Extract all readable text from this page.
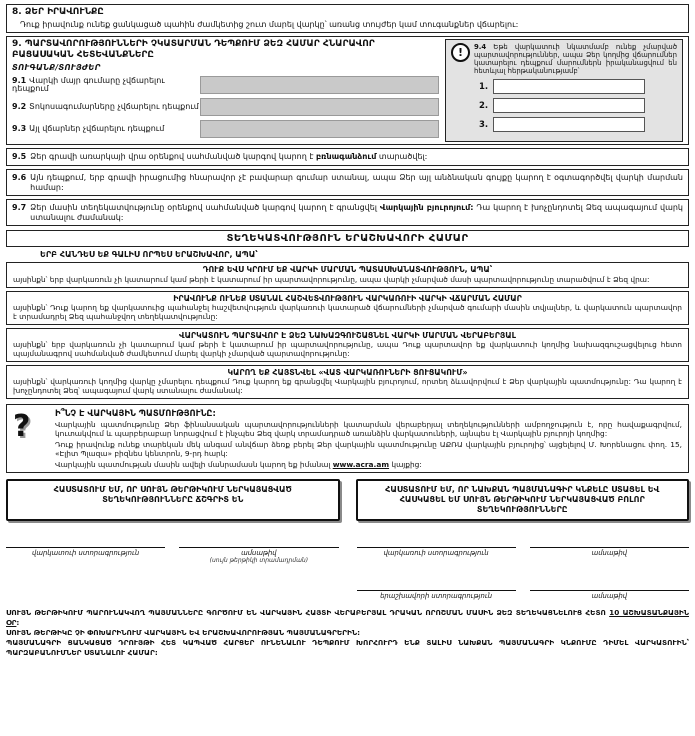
8. ՁԵՐ ԻՐԱՎՈՒՆՔԸ
Դուք իրավունք ունեք ցանկացած պահին ժամկետից շուտ մարել վարկը՝ առանց տույժեր կամ տուգանքներ վճարելու:
9. ՊԱՐՏԱՎՈՐՈՒԹՅՈՒՆՆԵՐԻ ՉԿԱՏԱՐՄԱՆ ԴԵՊՔՈՒՄ ՁԵԶ ՀԱՄԱՐ ՀՆԱՐԱՎՈՐ ԲԱՑԱՍԱԿԱՆ ՀԵՏԵՎԱՆՔՆԵՐԸ
ՏՈՒԳԱՆՔ/ՏՈՒՅԺԵՐ
9.1 Վարկի մայր գումարը չվճարելու դեպքում
9.2 Տոկոսագումարները չվճարելու դեպքում
9.3 Այլ վճարներ չվճարելու դեպքում
!	9.4 Եթե վարկատուի նկատմամբ ունեք չմարված պարտավորություններ, ապա Ձեր կողմից վճարումներ կատարելու դեպքում մարումներն իրականացվում են հետևյալ հերթականությամբ՝
1.
2.
3.
9.5 Ձեր գրավի առարկայի վրա օրենքով սահմանված կարգով կարող է բռնագանձում տարածվել:
9.6 Այն դեպքում, երբ գրավի իրացումից հնարավոր չէ բավարար գումար ստանալ, ապա Ձեր այլ անձնական գույքը կարող է օգտագործվել վարկի մարման համար:
9.7 Ձեր մասին տեղեկատվությունը օրենքով սահմանված կարգով կարող է գրանցվել Վարկային բյուրոյում: Դա կարող է խոչընդոտել Ձեզ ապագայում վարկ ստանալու ժամանակ:
ՏԵՂԵԿԱՏՎՈՒԹՅՈՒՆ ԵՐԱՇԽԱՎՈՐԻ ՀԱՄԱՐ
ԵՐԲ ՀԱՆԴԵՍ ԵՔ ԳԱԼԻՍ ՈՐՊԵՍ ԵՐԱՇԽԱՎՈՐ, ԱՊԱ՝
ԴՈՒՔ ԵՎՍ ԿՐՈՒՄ ԵՔ ՎԱՐԿԻ ՄԱՐՄԱՆ ՊԱՏԱՍԽԱՆԱՏՎՈՒԹՅՈՒՆ, ԱՊԱ՝
այսինքն՝ երբ վարկառուն չի կատարում կամ թերի է կատարում իր պարտավորությունը, ապա վարկի չմարված մասի պարտավորությունը տարածվում է Ձեզ վրա:
ԻՐԱՎՈՒՆՔ ՈՒՆԵՔ ՍՏԱՆԱԼ ՀԱՇՎԵՏՎՈՒԹՅՈՒՆ ՎԱՐԿԱՌՈՒԻ ՎԱՐԿԻ ՎՃԱՐՄԱՆ ՀԱՄԱՐ
այսինքն՝ Դուք կարող եք վարկատուից պահանջել հաշվետվություն վարկառուի կատարած վճարումների չմարված գումարի մասին տվյալներ, և վարկատուն պարտավոր է տրամադրել Ձեզ պահանջվող տեղեկատվությունը:
ՎԱՐԿԱՏՈՒՆ ՊԱՐՏԱՎՈՐ Է ՁԵԶ ՆԱԽԱԶԳՈՒՇԱՑՆԵԼ ՎԱՐԿԻ ՄԱՐՄԱՆ ՎԵՐԱԲԵՐՅԱԼ
այսինքն՝ երբ վարկառուն չի կատարում կամ թերի է կատարում իր պարտավորությունը, ապա Դուք պարտավոր եք վարկատուի կողմից նախազգուշացվելուց հետո պայմանագրով սահմանված ժամկետում մարել վարկի չմարված պարտավորությունը:
ԿԱՐՈՂ ԵՔ ՀԱՅՏՆՎԵԼ «ՎԱՏ ՎԱՐԿԱՌՈՒՆԵՐԻ ՑՈՒՑԱԿՈՒՄ»
այսինքն՝ վարկառուի կողմից վարկը չմարելու դեպքում Դուք կարող եք գրանցվել Վարկային բյուրոյում, որտեղ ձևավորվում է Ձեր վարկային պատմությունը: Դա կարող է խոչընդոտել Ձեզ՝ ապագայում վարկ ստանալու ժամանակ:
?	Ի՞ՆՉ Է ՎԱՐԿԱՅԻՆ ՊԱՏՄՈՒԹՅՈՒՆԸ:
Վարկային պատմությունը Ձեր ֆինանսական պարտավորությունների կատարման վերաբերյալ տեղեկությունների ամբողջություն է, որը հավաքագրվում, կուտակվում և պարբերաբար նորացվում է ինչպես Ձեզ վարկ տրամադրած առանձին վարկատուների, այնպես էլ Վարկային բյուրոյի կողմից:
Դուք իրավունք ունեք տարեկան մեկ անգամ անվճար ձեռք բերել Ձեր վարկային պատմությունը ԱՔՌԱ վարկային բյուրոյից՝ այցելելով Մ. Խորենացու փող. 15, «Էլիտ Պլազա» բիզնես կենտրոն, 9-րդ հարկ:
Վարկային պատմության մասին ավելի մանրամասն կարող եք իմանալ www.acra.am կայքից:
ՀԱՍՏԱՏՈՒՄ ԵՄ, ՈՐ ՍՈՒՅՆ ԹԵՐԹԻԿՈՒՄ ՆԵՐԿԱՅԱՑՎԱԾ ՏԵՂԵԿՈՒԹՅՈՒՆՆԵՐԸ ՃՇԳՐԻՏ ԵՆ
ՀԱՍՏԱՏՈՒՄ ԵՄ, ՈՐ ՆԱԽՔԱՆ ՊԱՅՄԱՆԱԳԻՐ ԿՆՔԵԼԸ ՍՏԱՑԵԼ ԵՎ ՀԱՍԿԱՑԵԼ ԵՄ ՍՈՒՅՆ ԹԵՐԹԻԿՈՒՄ ՆԵՐԿԱՅԱՑՎԱԾ ԲՈԼՈՐ ՏԵՂԵԿՈՒԹՅՈՒՆՆԵՐԸ
վարկատուի ստորագրություն	ամսաթիվ
(սույն թերթիկի տրամադրման)
վարկառուի ստորագրություն	ամսաթիվ
երաշխավորի ստորագրություն	ամսաթիվ

ՍՈՒՅՆ ԹԵՐԹԻԿՈՒՄ ՊԱՐՈՒՆԱԿՎՈՂ ՊԱՅՄԱՆՆԵՐԸ ԳՈՐԾՈՒՄ ԵՆ ՎԱՐԿԱՅԻՆ ՀԱՅՏԻ ՎԵՐԱԲԵՐՅԱԼ ԴՐԱԿԱՆ ՈՐՈՇՄԱՆ ՄԱՍԻՆ ՁԵԶ ՏԵՂԵԿԱՑՆԵԼՈՒՑ ՀԵՏՈ 10 ԱՇԽԱՏԱՆՔԱՅԻՆ ՕՐ:

ՍՈՒՅՆ ԹԵՐԹԻԿԸ ՉԻ ՓՈԽԱՐԻՆՈՒՄ ՎԱՐԿԱՅԻՆ ԵՎ ԵՐԱՇԽԱՎՈՐՈՒԹՅԱՆ ՊԱՅՄԱՆԱԳՐԵՐԻՆ:

ՊԱՅՄԱՆԱԳՐԻ ՑԱՆԿԱՑԱԾ ԴՐՈՒՅԹԻ ՀԵՏ ԿԱՊՎԱԾ ՀԱՐՑԵՐ ՈՒՆԵՆԱԼՈՒ ԴԵՊՔՈՒՄ ԽՈՐՀՈՒՐԴ ԵՆՔ ՏԱԼԻՍ ՆԱԽՔԱՆ ՊԱՅՄԱՆԱԳՐԻ ԿՆՔՈՒՄԸ ԴԻՄԵԼ ՎԱՐԿԱՏՈՒԻՆ՝ ՊԱՐԶԱԲԱՆՈՒՄՆԵՐ ՍՏԱՆԱԼՈՒ ՀԱՄԱՐ:
